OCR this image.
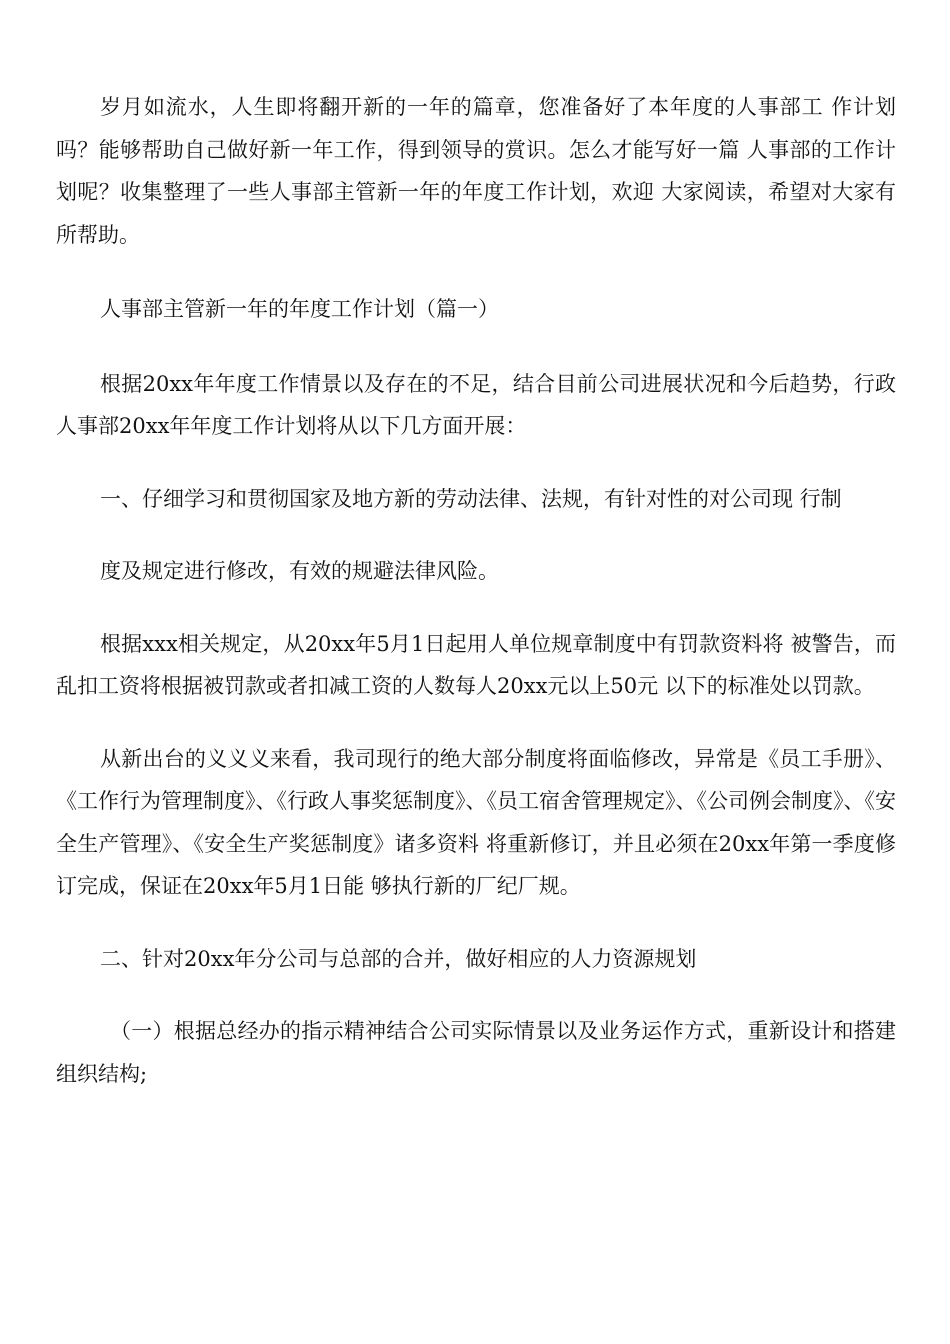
岁月如流水，人生即将翻开新的一年的篇章，您准备好了本年度的人事部工 作计划吗？能够帮助自己做好新一年工作，得到领导的赏识。怎么才能写好一篇 人事部的工作计划呢？收集整理了一些人事部主管新一年的年度工作计划，欢迎 大家阅读，希望对大家有所帮助。

人事部主管新一年的年度工作计划（篇一）

根据20xx年年度工作情景以及存在的不足，结合目前公司进展状况和今后趋势，行政人事部20xx年年度工作计划将从以下几方面开展：

一、仔细学习和贯彻国家及地方新的劳动法律、法规，有针对性的对公司现 行制

度及规定进行修改，有效的规避法律风险。

根据xxx相关规定，从20xx年5月1日起用人单位规章制度中有罚款资料将 被警告，而乱扣工资将根据被罚款或者扣减工资的人数每人20xx元以上50元 以下的标准处以罚款。

从新出台的义义义来看，我司现行的绝大部分制度将面临修改，异常是《员工手册》、《工作行为管理制度》、《行政人事奖惩制度》、《员工宿舍管理规定》、《公司例会制度》、《安全生产管理》、《安全生产奖惩制度》诸多资料 将重新修订，并且必须在20xx年第一季度修订完成，保证在20xx年5月1日能 够执行新的厂纪厂规。

二、针对20xx年分公司与总部的合并，做好相应的人力资源规划

（一）根据总经办的指示精神结合公司实际情景以及业务运作方式，重新设计和搭建组织结构;
